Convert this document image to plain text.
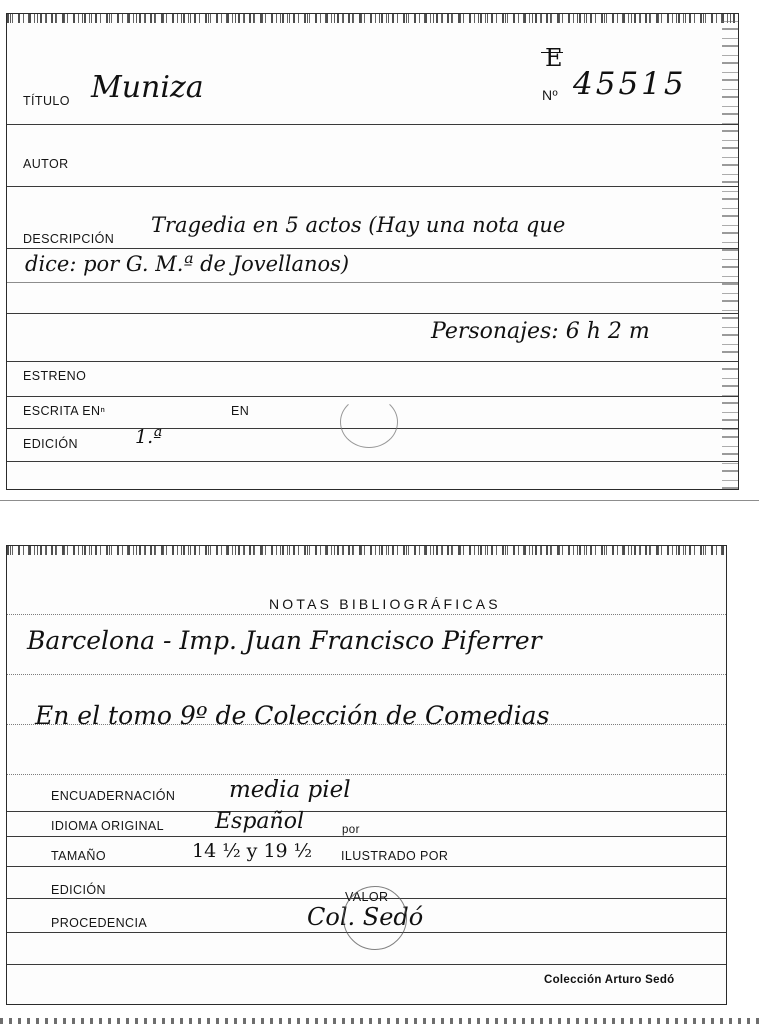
TÍTULO Muniza
E
Nº 45515
AUTOR
DESCRIPCIÓN
Tragedia en 5 actos (Hay una nota que
dice: por G. M.ª de Jovellanos)
Personajes: 6 h 2 m
ESTRENO
ESCRITA ENⁿ	EN
EDICIÓN	1.ª
NOTAS BIBLIOGRÁFICAS
Barcelona - Imp. Juan Francisco Piferrer
En el tomo 9º de Colección de Comedias
ENCUADERNACIÓN media piel
IDIOMA ORIGINAL Español	por
TAMAÑO	14 ½ y 19 ½ ILUSTRADO POR
EDICIÓN	VALOR
PROCEDENCIA	Col. Sedó
Colección Arturo Sedó
